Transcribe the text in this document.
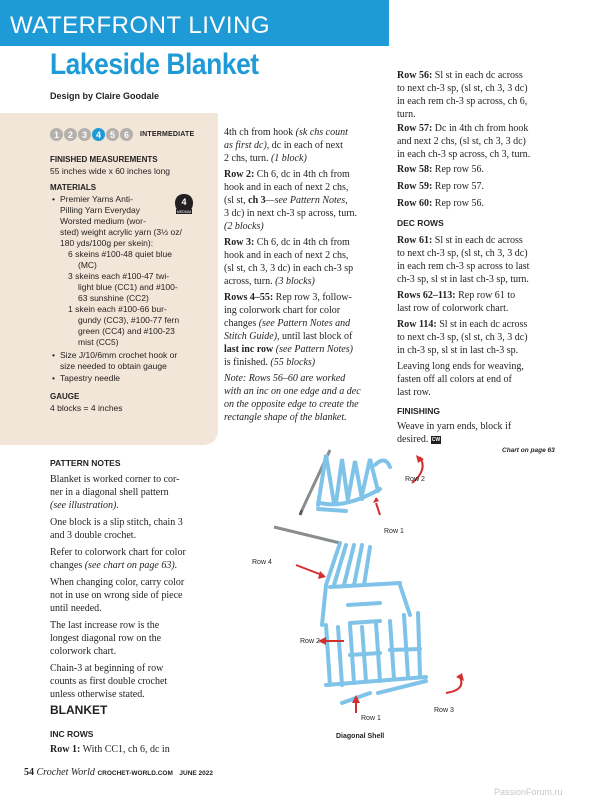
WATERFRONT LIVING
Lakeside Blanket
Design by Claire Goodale
1 2 3 4 5 6	INTERMEDIATE
FINISHED MEASUREMENTS
55 inches wide x 60 inches long
MATERIALS
4
MEDIUM
• Premier Yarns Anti-
Pilling Yarn Everyday
Worsted medium (wor-
sted) weight acrylic yarn (3½ oz/
180 yds/100g per skein):
6 skeins #100-48 quiet blue
(MC)
3 skeins each #100-47 twi-
light blue (CC1) and #100-
63 sunshine (CC2)
1 skein each #100-66 bur-
gundy (CC3), #100-77 fern
green (CC4) and #100-23
mist (CC5)
• Size J/10/6mm crochet hook or
size needed to obtain gauge
• Tapestry needle
GAUGE
4 blocks = 4 inches
PATTERN NOTES
Blanket is worked corner to cor-
ner in a diagonal shell pattern
(see illustration).
One block is a slip stitch, chain 3
and 3 double crochet.
Refer to colorwork chart for color
changes (see chart on page 63).
When changing color, carry color
not in use on wrong side of piece
until needed.
The last increase row is the
longest diagonal row on the
colorwork chart.
Chain-3 at beginning of row
counts as first double crochet
unless otherwise stated.
BLANKET
INC ROWS
Row 1: With CC1, ch 6, dc in
4th ch from hook (sk chs count
as first dc), dc in each of next
2 chs, turn. (1 block)
Row 2: Ch 6, dc in 4th ch from
hook and in each of next 2 chs,
(sl st, ch 3—see Pattern Notes,
3 dc) in next ch-3 sp across, turn.
(2 blocks)
Row 3: Ch 6, dc in 4th ch from
hook and in each of next 2 chs,
(sl st, ch 3, 3 dc) in each ch-3 sp
across, turn. (3 blocks)
Rows 4–55: Rep row 3, follow-
ing colorwork chart for color
changes (see Pattern Notes and
Stitch Guide), until last block of
last inc row (see Pattern Notes)
is finished. (55 blocks)
Note: Rows 56–60 are worked
with an inc on one edge and a dec
on the opposite edge to create the
rectangle shape of the blanket.
Row 56: Sl st in each dc across
to next ch-3 sp, (sl st, ch 3, 3 dc)
in each rem ch-3 sp across, ch 6,
turn.
Row 57: Dc in 4th ch from hook
and next 2 chs, (sl st, ch 3, 3 dc)
in each ch-3 sp across, ch 3, turn.
Row 58: Rep row 56.
Row 59: Rep row 57.
Row 60: Rep row 56.
DEC ROWS
Row 61: Sl st in each dc across
to next ch-3 sp, (sl st, ch 3, 3 dc)
in each rem ch-3 sp across to last
ch-3 sp, sl st in last ch-3 sp, turn.
Rows 62–113: Rep row 61 to
last row of colorwork chart.
Row 114: Sl st in each dc across
to next ch-3 sp, (sl st, ch 3, 3 dc)
in ch-3 sp, sl st in last ch-3 sp.
Leaving long ends for weaving,
fasten off all colors at end of
last row.
FINISHING
Weave in yarn ends, block if
desired. CW
Chart on page 63
Row 2
Row 1
Row 4
Row 2
Row 1
Row 3
Diagonal Shell
54 Crochet World CROCHET-WORLD.COM JUNE 2022
PassionForum.ru
